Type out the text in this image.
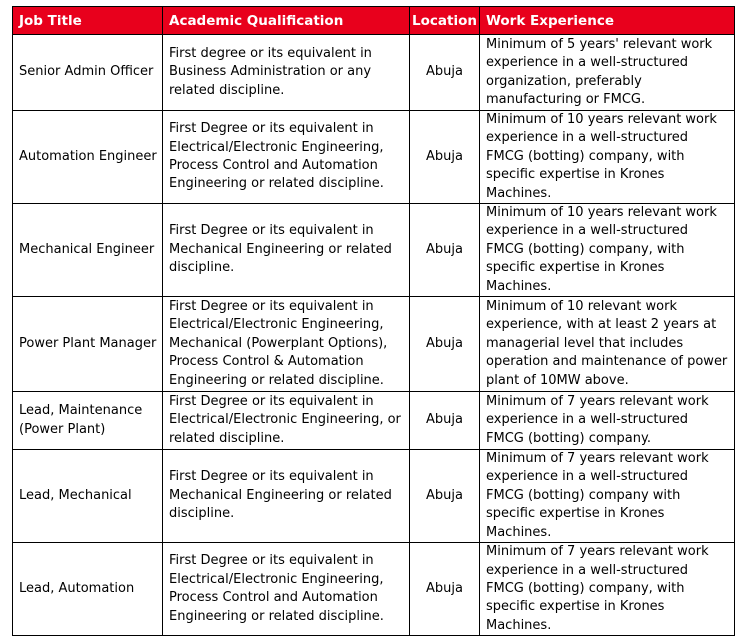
Job Title	Academic Qualification	Location	Work Experience
Senior Admin Officer	First degree or its equivalent in Business Administration or any related discipline.	Abuja	Minimum of 5 years' relevant work experience in a well-structured organization, preferably manufacturing or FMCG.
Automation Engineer	First Degree or its equivalent in Electrical/Electronic Engineering, Process Control and Automation Engineering or related discipline.	Abuja	Minimum of 10 years relevant work experience in a well-structured FMCG (botting) company, with specific expertise in Krones Machines.
Mechanical Engineer	First Degree or its equivalent in Mechanical Engineering or related discipline.	Abuja	Minimum of 10 years relevant work experience in a well-structured FMCG (botting) company, with specific expertise in Krones Machines.
Power Plant Manager	First Degree or its equivalent in Electrical/Electronic Engineering, Mechanical (Powerplant Options), Process Control & Automation Engineering or related discipline.	Abuja	Minimum of 10 relevant work experience, with at least 2 years at managerial level that includes operation and maintenance of power plant of 10MW above.
Lead, Maintenance (Power Plant)	First Degree or its equivalent in Electrical/Electronic Engineering, or related discipline.	Abuja	Minimum of 7 years relevant work experience in a well-structured FMCG (botting) company.
Lead, Mechanical	First Degree or its equivalent in Mechanical Engineering or related discipline.	Abuja	Minimum of 7 years relevant work experience in a well-structured FMCG (botting) company with specific expertise in Krones Machines.
Lead, Automation	First Degree or its equivalent in Electrical/Electronic Engineering, Process Control and Automation Engineering or related discipline.	Abuja	Minimum of 7 years relevant work experience in a well-structured FMCG (botting) company, with specific expertise in Krones Machines.
